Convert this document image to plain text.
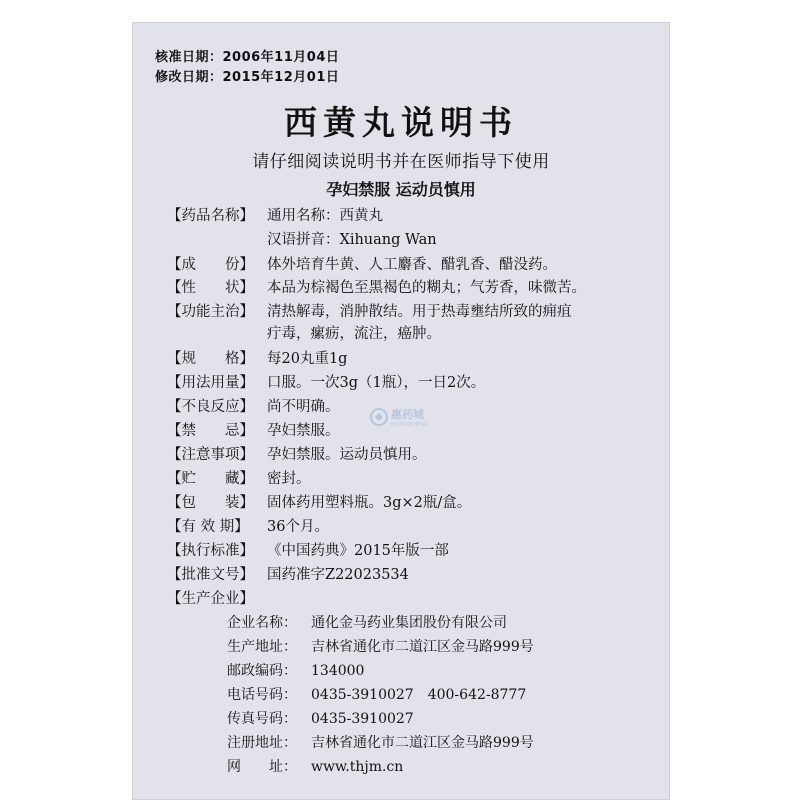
核准日期：2006年11月04日
修改日期：2015年12月01日
西黄丸说明书
请仔细阅读说明书并在医师指导下使用
孕妇禁服 运动员慎用
【药品名称】 通用名称：西黄丸
汉语拼音：Xihuang Wan
【成　　份】 体外培育牛黄、人工麝香、醋乳香、醋没药。
【性　　状】 本品为棕褐色至黑褐色的糊丸；气芳香，味微苦。
【功能主治】 清热解毒，消肿散结。用于热毒壅结所致的痈疽
疔毒，瘰疬，流注，癌肿。
【规　　格】 每20丸重1g
【用法用量】 口服。一次3g（1瓶），一日2次。
【不良反应】 尚不明确。
【禁　　忌】 孕妇禁服。
【注意事项】 孕妇禁服。运动员慎用。
【贮　　藏】 密封。
【包　　装】 固体药用塑料瓶。3g×2瓶/盒。
【有 效 期】	36个月。
【执行标准】 《中国药典》2015年版一部
【批准文号】 国药准字Z22023534
【生产企业】
企业名称：	通化金马药业集团股份有限公司
生产地址：	吉林省通化市二道江区金马路999号
邮政编码：	134000
电话号码：	0435-3910027　400-642-8777
传真号码：	0435-3910027
注册地址：	吉林省通化市二道江区金马路999号
网　　址：	www.thjm.cn
惠药城
HUIYAOCHENG
